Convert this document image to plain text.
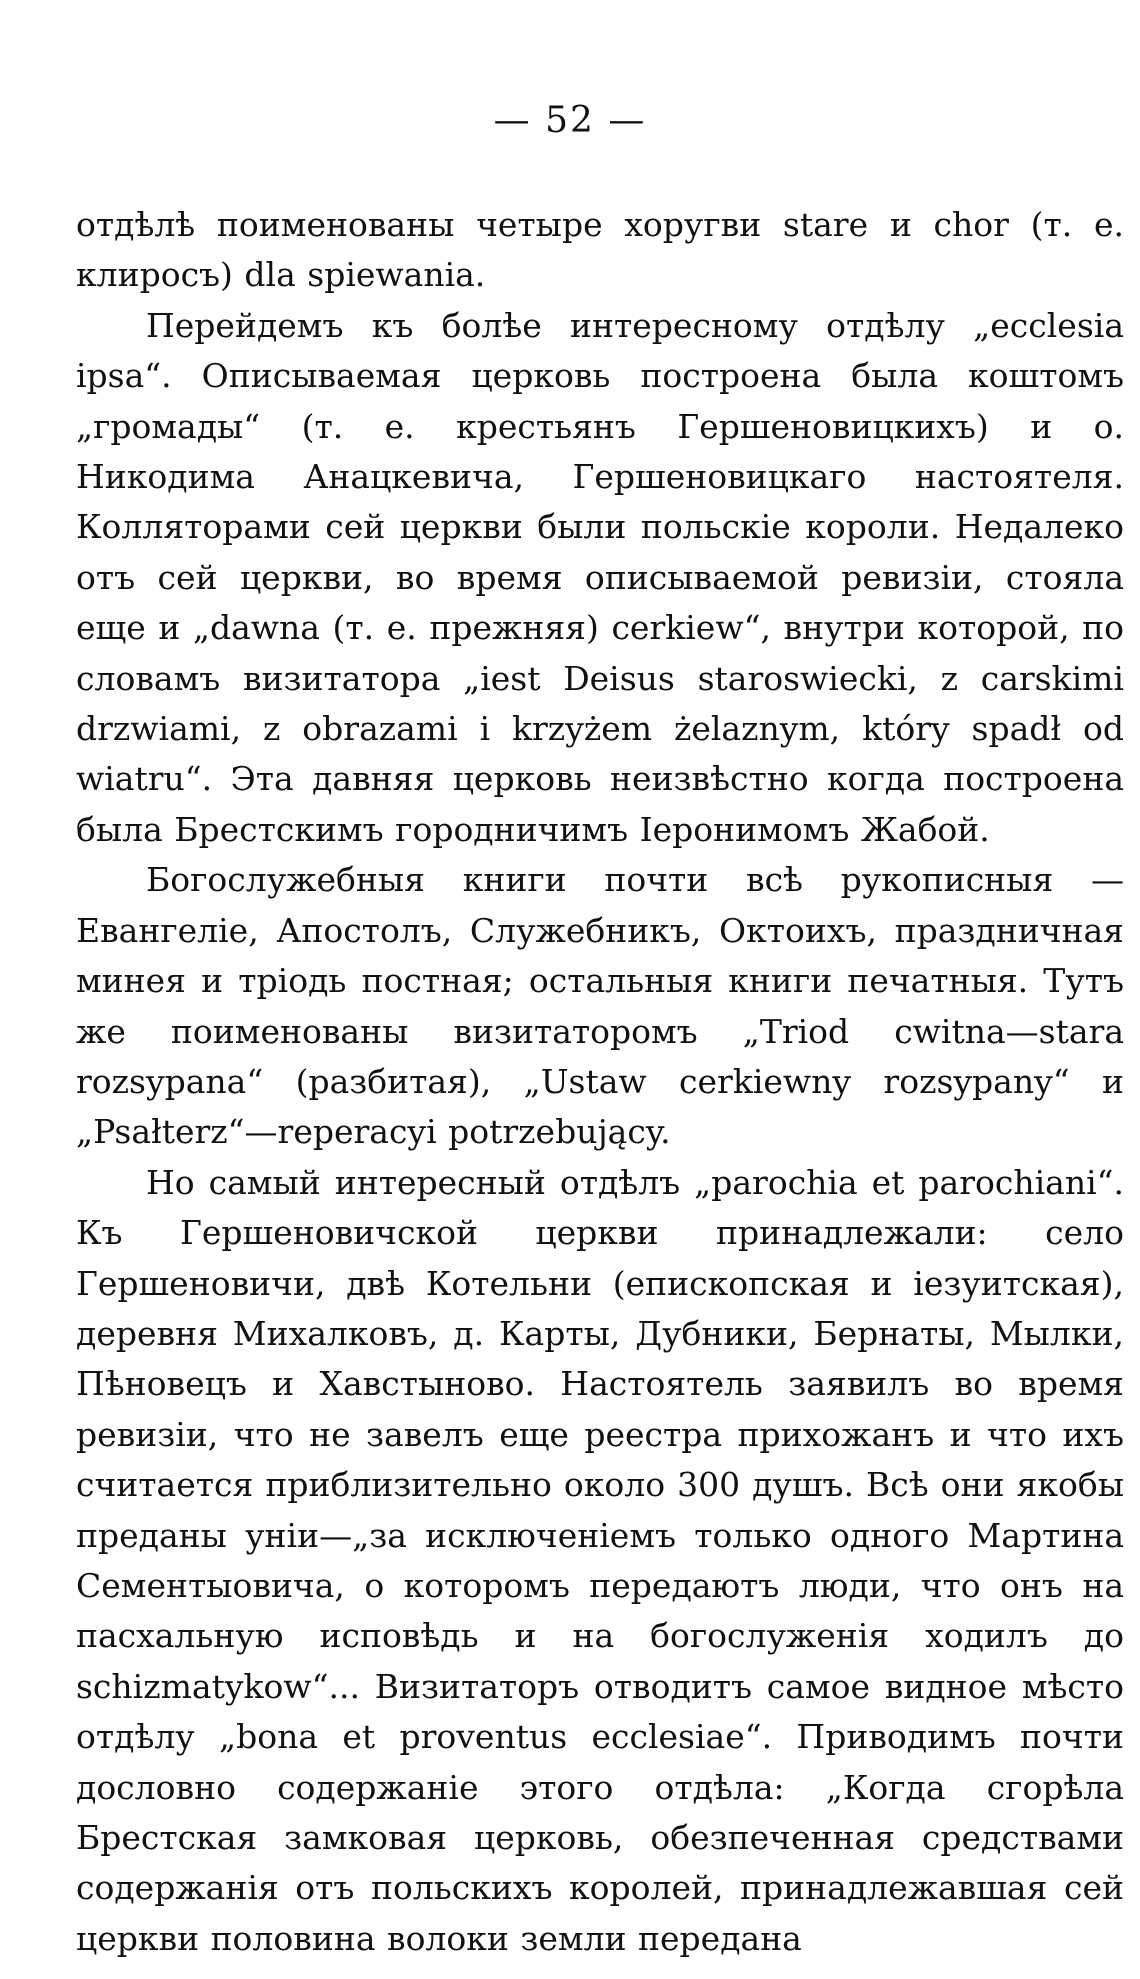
— 52 —

отдѣлѣ поименованы четыре хоругви stare и chor (т. е. клиросъ) dla spiewania.

Перейдемъ къ болѣе интересному отдѣлу „ecclesia ipsa“. Описываемая церковь построена была коштомъ „громады“ (т. е. крестьянъ Гершеновицкихъ) и о. Никодима Анацкевича, Гершеновицкаго настоятеля. Колляторами сей церкви были польскіе короли. Недалеко отъ сей церкви, во время описываемой ревизіи, стояла еще и „dawna (т. е. прежняя) cerkiew“, внутри которой, по словамъ визитатора „iest Deisus staroswiecki, z carskimi drzwiami, z obrazami i krzyżem żelaznym, który spadł od wiatru“. Эта давняя церковь неизвѣстно когда построена была Брестскимъ городничимъ Іеронимомъ Жабой.

Богослужебныя книги почти всѣ рукописныя —Евангеліе, Апостолъ, Служебникъ, Октоихъ, праздничная минея и тріодь постная; остальныя книги печатныя. Тутъ же поименованы визитаторомъ „Triod cwitna—stara rozsypana“ (разбитая), „Ustaw cerkiewny rozsypany“ и „Psałterz“—reperacyi potrzebujący.

Но самый интересный отдѣлъ „parochia et parochiani“. Къ Гершеновичской церкви принадлежали: село Гершеновичи, двѣ Котельни (епископская и іезуитская), деревня Михалковъ, д. Карты, Дубники, Бернаты, Мылки, Пѣновецъ и Хавстыново. Настоятель заявилъ во время ревизіи, что не завелъ еще реестра прихожанъ и что ихъ считается приблизительно около 300 душъ. Всѣ они якобы преданы уніи—„за исключеніемъ только одного Мартина Сементыовича, о которомъ передаютъ люди, что онъ на пасхальную исповѣдь и на богослуженія ходилъ до schizmatykow“... Визитаторъ отводитъ самое видное мѣсто отдѣлу „bona et proventus ecclesiae“. Приводимъ почти дословно содержаніе этого отдѣла: „Когда сгорѣла Брестская замковая церковь, обезпеченная средствами содержанія отъ польскихъ королей, принадлежавшая сей церкви половина волоки земли передана
